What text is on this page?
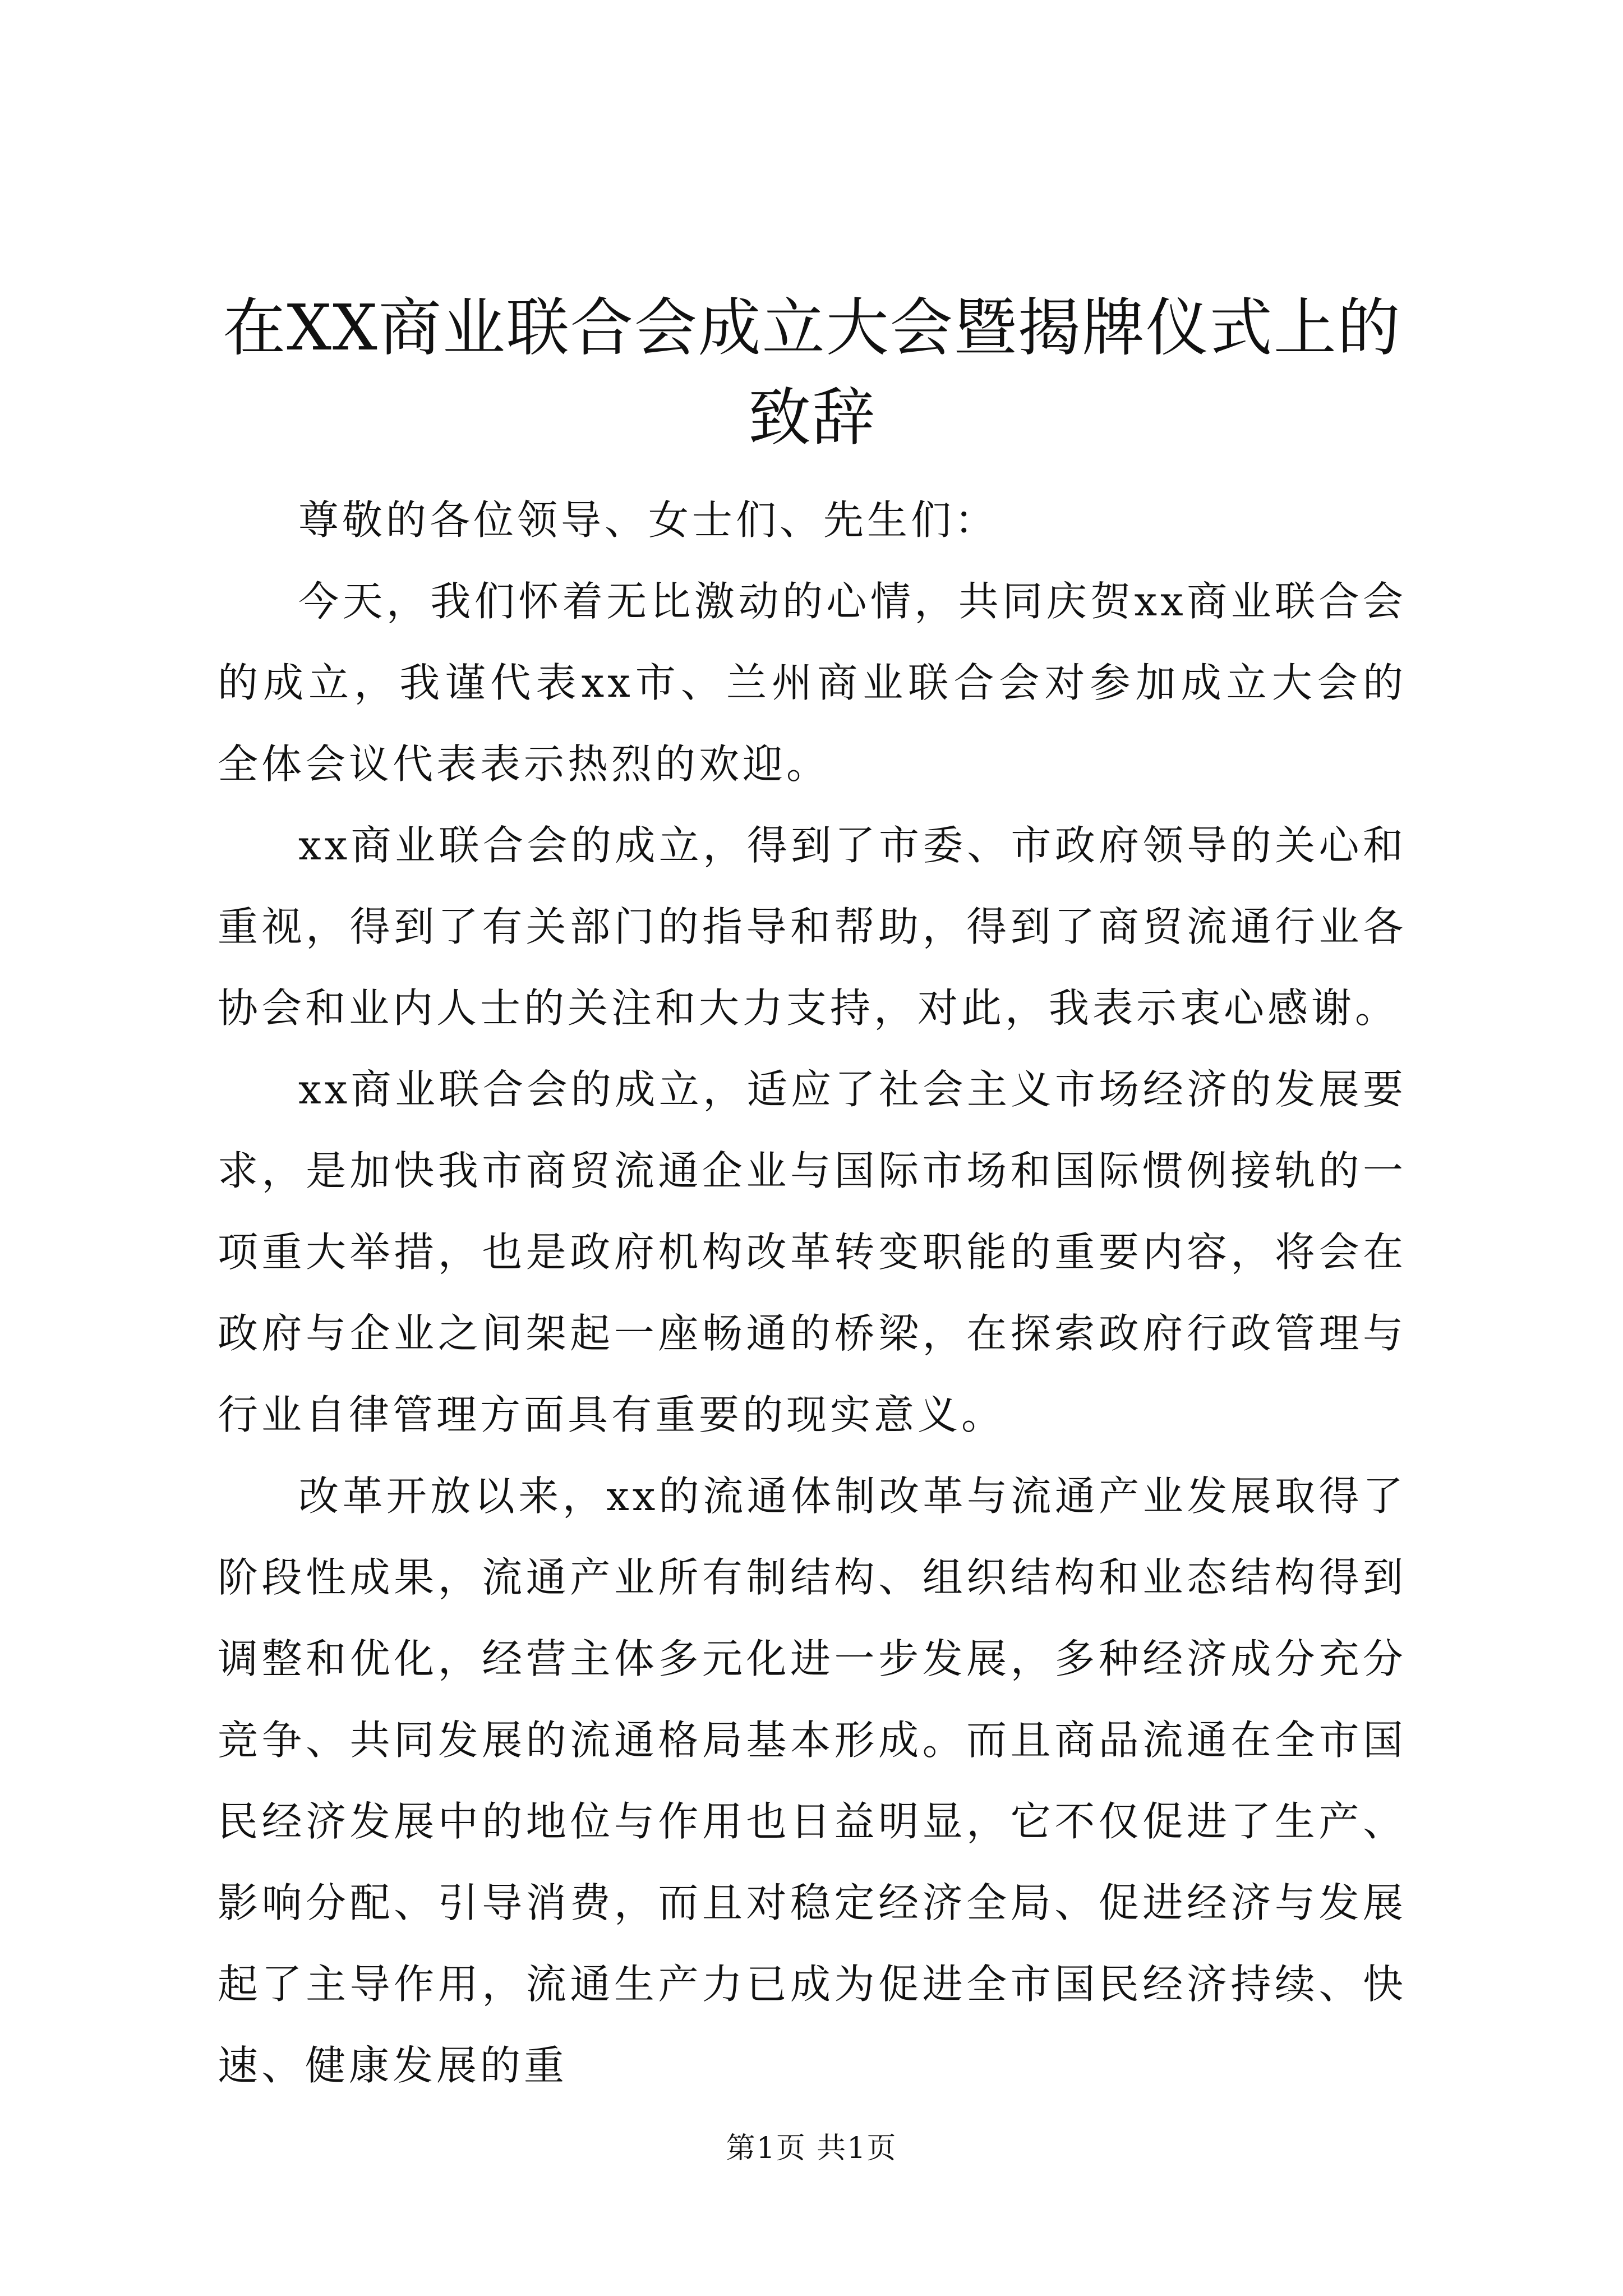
在XX商业联合会成立大会暨揭牌仪式上的致辞

尊敬的各位领导、女士们、先生们：

今天，我们怀着无比激动的心情，共同庆贺xx商业联合会的成立，我谨代表xx市、兰州商业联合会对参加成立大会的全体会议代表表示热烈的欢迎。

xx商业联合会的成立，得到了市委、市政府领导的关心和重视，得到了有关部门的指导和帮助，得到了商贸流通行业各协会和业内人士的关注和大力支持，对此，我表示衷心感谢。

xx商业联合会的成立，适应了社会主义市场经济的发展要求，是加快我市商贸流通企业与国际市场和国际惯例接轨的一项重大举措，也是政府机构改革转变职能的重要内容，将会在政府与企业之间架起一座畅通的桥梁，在探索政府行政管理与行业自律管理方面具有重要的现实意义。

改革开放以来，xx的流通体制改革与流通产业发展取得了阶段性成果，流通产业所有制结构、组织结构和业态结构得到调整和优化，经营主体多元化进一步发展，多种经济成分充分竞争、共同发展的流通格局基本形成。而且商品流通在全市国民经济发展中的地位与作用也日益明显，它不仅促进了生产、影响分配、引导消费，而且对稳定经济全局、促进经济与发展起了主导作用，流通生产力已成为促进全市国民经济持续、快速、健康发展的重

第1页 共1页
